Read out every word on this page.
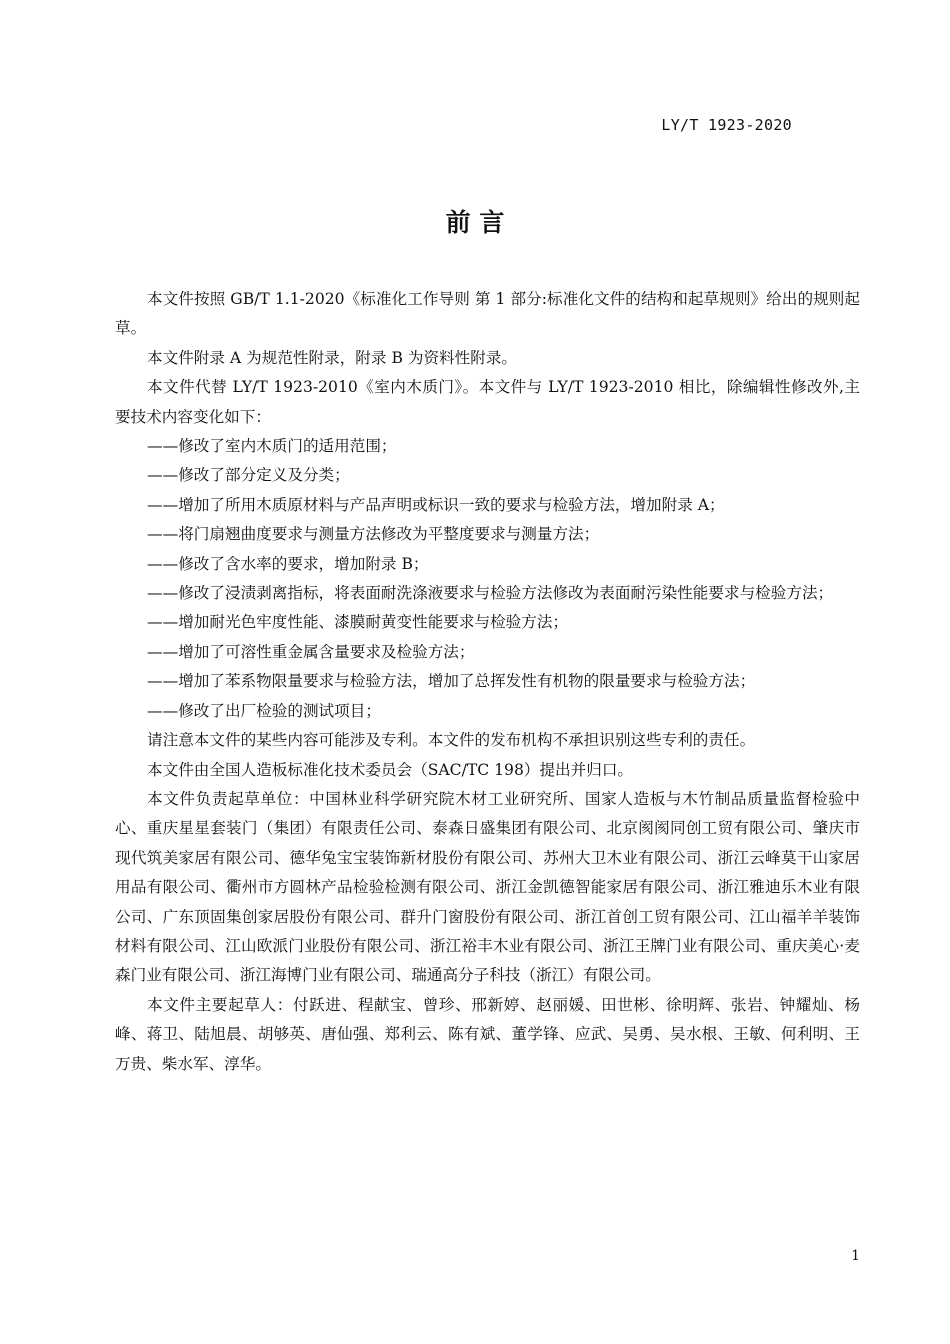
LY/T 1923-2020
前 言

本文件按照 GB/T 1.1-2020《标准化工作导则 第 1 部分:标准化文件的结构和起草规则》给出的规则起草。

本文件附录 A 为规范性附录，附录 B 为资料性附录。

本文件代替 LY/T 1923-2010《室内木质门》。本文件与 LY/T 1923-2010 相比，除编辑性修改外,主要技术内容变化如下：

——修改了室内木质门的适用范围；

——修改了部分定义及分类；

——增加了所用木质原材料与产品声明或标识一致的要求与检验方法，增加附录 A；

——将门扇翘曲度要求与测量方法修改为平整度要求与测量方法；

——修改了含水率的要求，增加附录 B；

——修改了浸渍剥离指标，将表面耐洗涤液要求与检验方法修改为表面耐污染性能要求与检验方法；

——增加耐光色牢度性能、漆膜耐黄变性能要求与检验方法；

——增加了可溶性重金属含量要求及检验方法；

——增加了苯系物限量要求与检验方法，增加了总挥发性有机物的限量要求与检验方法；

——修改了出厂检验的测试项目；

请注意本文件的某些内容可能涉及专利。本文件的发布机构不承担识别这些专利的责任。

本文件由全国人造板标准化技术委员会（SAC/TC 198）提出并归口。

本文件负责起草单位：中国林业科学研究院木材工业研究所、国家人造板与木竹制品质量监督检验中心、重庆星星套装门（集团）有限责任公司、泰森日盛集团有限公司、北京阂阂同创工贸有限公司、肇庆市现代筑美家居有限公司、德华兔宝宝装饰新材股份有限公司、苏州大卫木业有限公司、浙江云峰莫干山家居用品有限公司、衢州市方圆林产品检验检测有限公司、浙江金凯德智能家居有限公司、浙江雅迪乐木业有限公司、广东顶固集创家居股份有限公司、群升门窗股份有限公司、浙江首创工贸有限公司、江山福羊羊装饰材料有限公司、江山欧派门业股份有限公司、浙江裕丰木业有限公司、浙江王牌门业有限公司、重庆美心·麦森门业有限公司、浙江海博门业有限公司、瑞通高分子科技（浙江）有限公司。

本文件主要起草人：付跃进、程献宝、曾珍、邢新婷、赵丽媛、田世彬、徐明辉、张岩、钟耀灿、杨峰、蒋卫、陆旭晨、胡够英、唐仙强、郑利云、陈有斌、董学锋、应武、吴勇、吴水根、王敏、何利明、王万贵、柴水军、淳华。

1
